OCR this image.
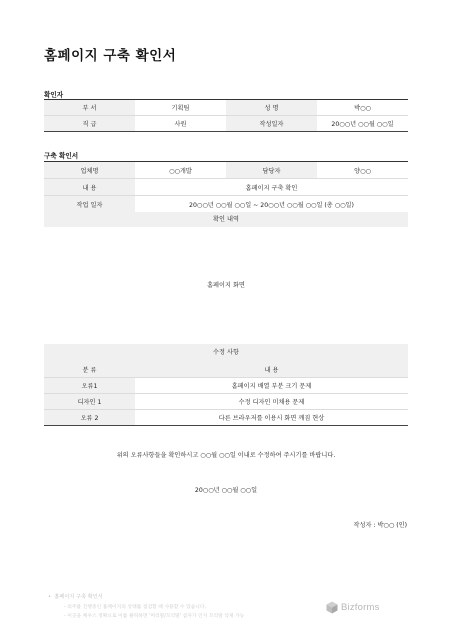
홈페이지 구축 확인서
확인자
부 서	기획팀	성 명	박○○
직 급	사원	작성일자	20○○년 ○○월 ○○일
구축 확인서
업체명	○○개발	담당자	양○○
내 용	홈페이지 구축 확인		
작업 일자	20○○년 ○○월 ○○일 ~ 20○○년 ○○월 ○○일 (총 ○○일)		
확인 내역
홈페이지 화면
수정 사항
분 류	내 용
오류1	홈페이지 배열 부분 크기 문제
디자인 1	수정 디자인 미채용 문제
오류 2	다른 브라우저를 이용시 화면 깨짐 현상
위의 오류사항들을 확인하시고 ○○월 ○○일 이내로 수정하여 주시기를 바랍니다.
20○○년 ○○월 ○○일
작성자 : 박○○ (인)
•  홈페이지 구축 확인서
- 의주를 진행중인 홈페이지의 상태를 점검할 때 사용할 수 있습니다.
- 이곳을 체우스 정확으로 이를 클릭하면 '머리말/꼬리말' 삽자가 인지 꼬리말 삭제 가능
Bizforms
